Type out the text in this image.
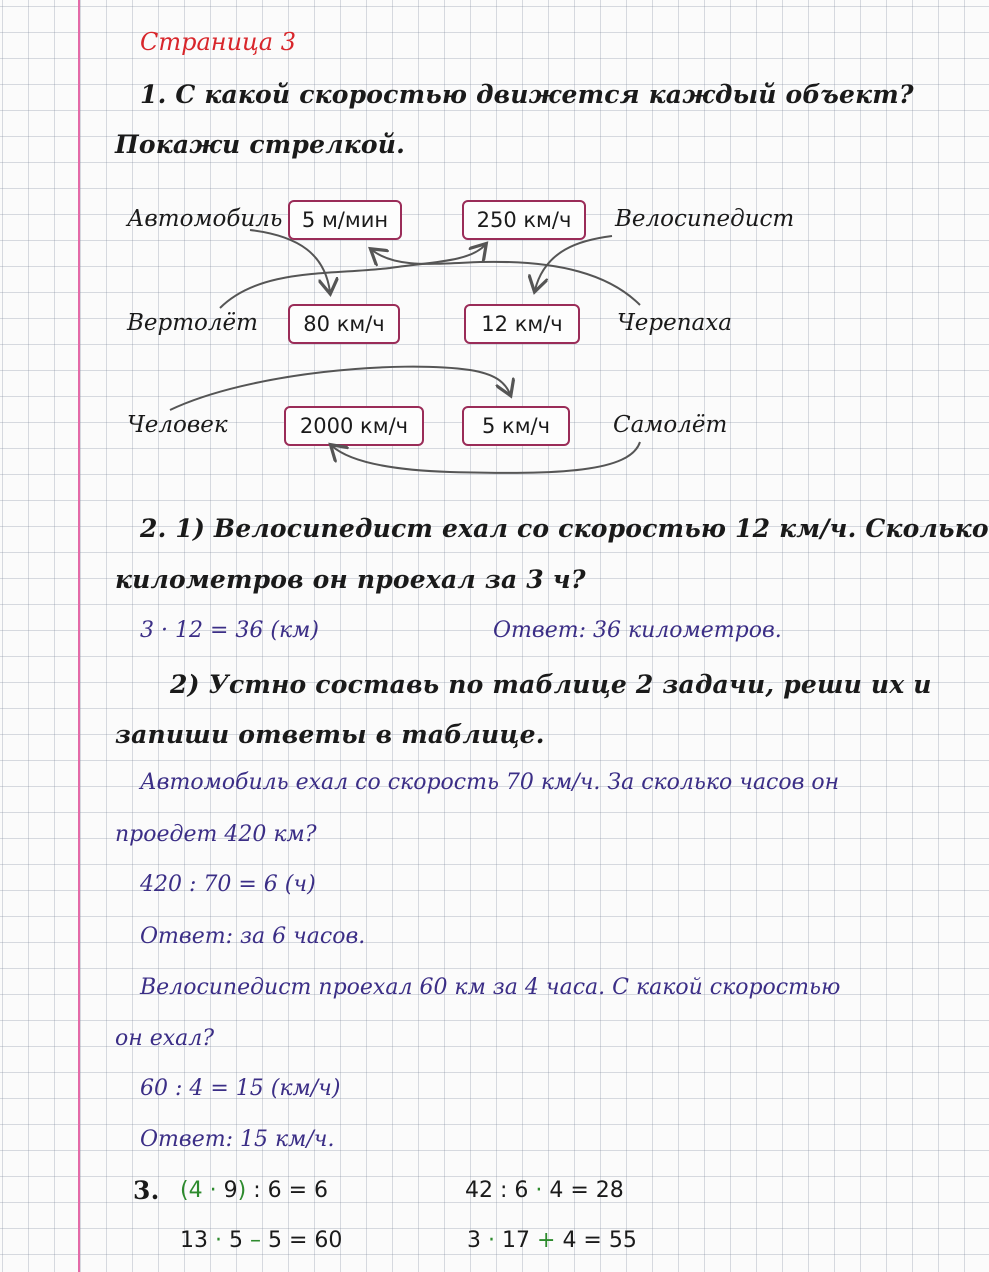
Страница 3
1. С какой скоростью движется каждый объект?
Покажи стрелкой.
Автомобиль	Велосипедист
Вертолёт	Черепаха
Человек	Самолёт
5 м/мин	250 км/ч
80 км/ч	12 км/ч
2000 км/ч	5 км/ч
2. 1) Велосипедист ехал со скоростью 12 км/ч. Сколько
километров он проехал за 3 ч?
3 · 12 = 36 (км)	Ответ: 36 километров.
2) Устно составь по таблице 2 задачи, реши их и
запиши ответы в таблице.
Автомобиль ехал со скорость 70 км/ч. За сколько часов он
проедет 420 км?
420 : 70 = 6 (ч)
Ответ: за 6 часов.
Велосипедист проехал 60 км за 4 часа. С какой скоростью
он ехал?
60 : 4 = 15 (км/ч)
Ответ: 15 км/ч.
3. (4 · 9) : 6 = 6	42 : 6 · 4 = 28
13 · 5 – 5 = 60	3 · 17 + 4 = 55
